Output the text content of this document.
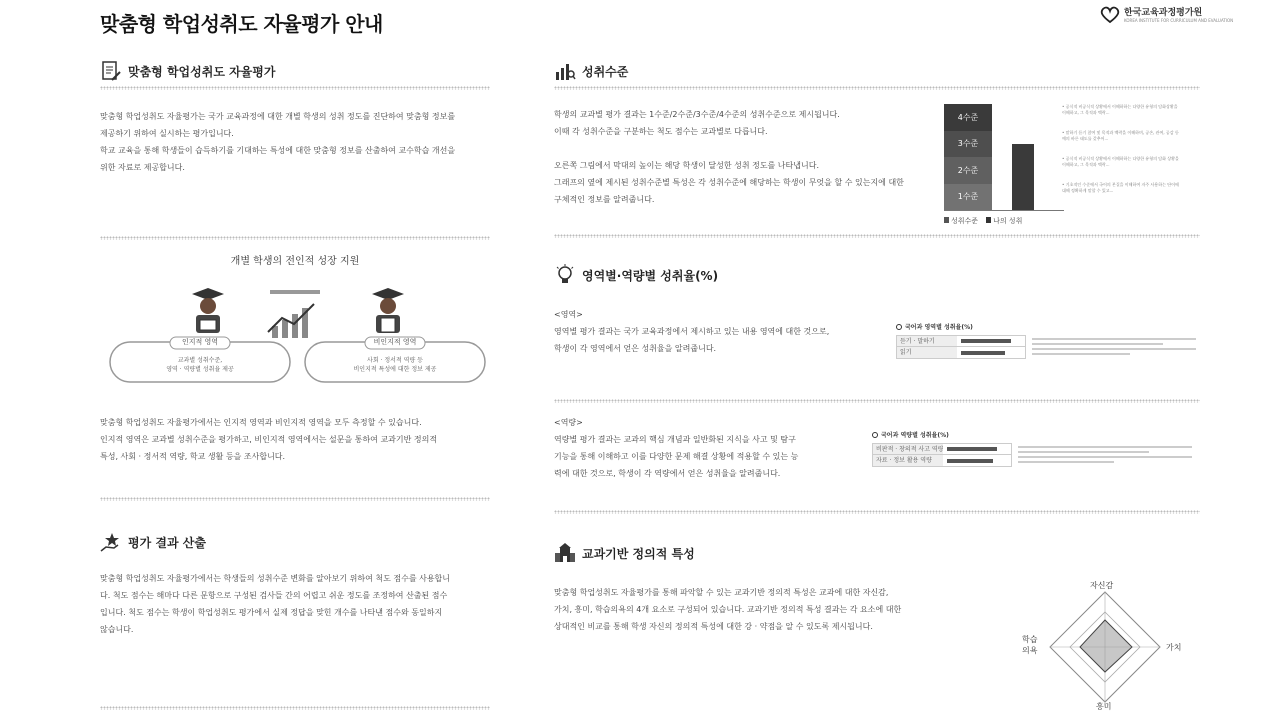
맞춤형 학업성취도 자율평가 안내	한국교육과정평가원
KOREA INSTITUTE FOR CURRICULUM AND EVALUATION
맞춤형 학업성취도 자율평가
맞춤형 학업성취도 자율평가는 국가 교육과정에 대한 개별 학생의 성취 정도를 진단하여 맞춤형 정보를
제공하기 위하여 실시하는 평가입니다.
학교 교육을 통해 학생들이 습득하기를 기대하는 특성에 대한 맞춤형 정보를 산출하여 교수학습 개선을
위한 자료로 제공합니다.
개별 학생의 전인적 성장 지원
인지적 영역
교과별 성취수준,
영역 · 역량별 성취율 제공
비인지적 영역
사회 · 정서적 역량 등
비인지적 특성에 대한 정보 제공
맞춤형 학업성취도 자율평가에서는 인지적 영역과 비인지적 영역을 모두 측정할 수 있습니다.
인지적 영역은 교과별 성취수준을 평가하고, 비인지적 영역에서는 설문을 통하여 교과기반 정의적
특성, 사회 · 정서적 역량, 학교 생활 등을 조사합니다.
평가 결과 산출
맞춤형 학업성취도 자율평가에서는 학생들의 성취수준 변화를 알아보기 위하여 척도 점수를 사용합니
다. 척도 점수는 해마다 다른 문항으로 구성된 검사들 간의 어렵고 쉬운 정도를 조정하여 산출된 점수
입니다. 척도 점수는 학생이 학업성취도 평가에서 실제 정답을 맞힌 개수를 나타낸 점수와 동일하지
않습니다.
성취수준
학생의 교과별 평가 결과는 1수준/2수준/3수준/4수준의 성취수준으로 제시됩니다.
이때 각 성취수준을 구분하는 척도 점수는 교과별로 다릅니다.
오른쪽 그림에서 막대의 높이는 해당 학생이 달성한 성취 정도를 나타냅니다.
그래프의 옆에 제시된 성취수준별 특성은 각 성취수준에 해당하는 학생이 무엇을 할 수 있는지에 대한
구체적인 정보를 알려줍니다.
4수준
3수준
2수준
1수준
성취수준	나의 성취
• 공식적 비공식적 상황에서 이해하하는 다양한 유형의 담화상황을 이해하고, 그 목적과 맥락...
• 말하기 듣기 참여 및 목적과 맥락을 이해하며, 공손, 관여, 공감 등 예의 바른 태도를 갖추어...
• 공식적 비공식적 상황에서 이해하하는 다양한 유형의 담화 상황을 이해하고, 그 목적과 맥락...
• 기초적인 수준에서 국어의 본질을 이해하여 자주 사용하는 단어에 대해 정확하게 말할 수 있고...
영역별·역량별 성취율(%)
<영역>
영역별 평가 결과는 국가 교육과정에서 제시하고 있는 내용 영역에 대한 것으로,
학생이 각 영역에서 얻은 성취율을 알려줍니다.
국어과 영역별 성취율(%)
듣기 · 말하기
읽기
<역량>
역량별 평가 결과는 교과의 핵심 개념과 일반화된 지식을 사고 및 탐구
기능을 통해 이해하고 이를 다양한 문제 해결 상황에 적용할 수 있는 능
력에 대한 것으로, 학생이 각 역량에서 얻은 성취율을 알려줍니다.
국어과 역량별 성취율(%)
비판적 · 창의적 사고 역량
자료 · 정보 활용 역량
교과기반 정의적 특성
맞춤형 학업성취도 자율평가를 통해 파악할 수 있는 교과기반 정의적 특성은 교과에 대한 자신감,
가치, 흥미, 학습의욕의 4개 요소로 구성되어 있습니다. 교과기반 정의적 특성 결과는 각 요소에 대한
상대적인 비교를 통해 학생 자신의 정의적 특성에 대한 강 · 약점을 알 수 있도록 제시됩니다.
자신감
가치
흥미
학습
의욕
